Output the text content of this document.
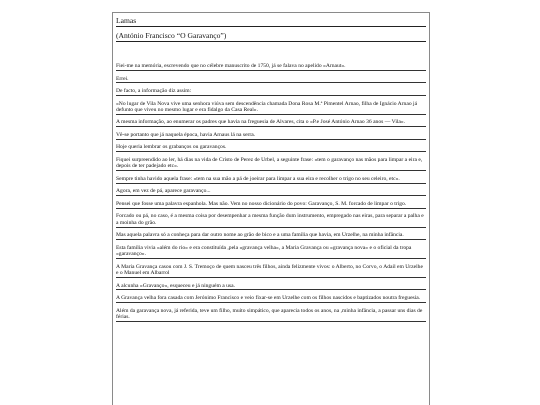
Lamas
(António Francisco “O Garavanço”)
Fiei-me na memória, escrevendo que no célebre manuscrito de 1750, já se falava no apelido «Arnaut».
Errei.
De facto, a informação diz assim:
«No lugar de Vila Nova vive uma senhora viúva sem descendência chamada Dona Rosa M.ª Pimentel Arnao, filha de Ignácio Arnao já defunto que viveu no mesmo lugar e era fidalgo da Casa Real».
A mesma informação, ao enumerar os padres que havia na freguesia de Alvares, cita o «P.e José António Arnao 36 anos — Vila».
Vê-se portanto que já naquela época, havia Arnaus lá na serra.
Hoje queria lembrar os grabanços ou garavanços.
Fiquei surpreendido ao ler, há dias na vida de Cristo de Perez de Urbel, a seguinte frase: «tem o garavanço nas mãos para limpar a eira e, depois de ter padejado etc».
Sempre tinha havido aquela frase: «tem na sua mão a pá de joeirar para limpar a sua eira e recolher o trigo no seu celeiro, etc».
Agora, em vez de pá, aparece garavanço...
Pensei que fosse uma palavra espanhola. Mas não. Vem no nosso dicionário do povo: Garavanço, S. M. forcado de limpar o trigo.
Forcado ou pá, no caso, é a mesma coisa por desempenhar a mesma função dum instrumento, empregado nas eiras, para separar a palha e a moinha do grão.
Mas aquela palavra só a conheça para dar outro nome ao grão de bico e a uma família que havia, em Urzelhe, na minha infância.
Esta família vivia «além do rio» e era constituída ,pela «gravança velha», a Maria Gravança ou «gravança nova» e o oficial da tropa «garavanço».
A Maria Gravança casou com J. S. Tremoço de quem nasceu três filhos, ainda felizmente vivos: o Alberto, no Corvo, o Adail em Urzelhe e o Manuel em Albarrol
A alcunha «Gravanço», esqueceu e já ninguém a usa.
A Gravança velha fora casada com Jerónimo Francisco e veio fixar-se em Urzelhe com os filhos nascidos e baptizados noutra freguesia.
Além da garavança nova, já referida, teve um filho, muito simpático, que aparecia todos os anos, na ,minha infância, a passar uns dias de férias.
